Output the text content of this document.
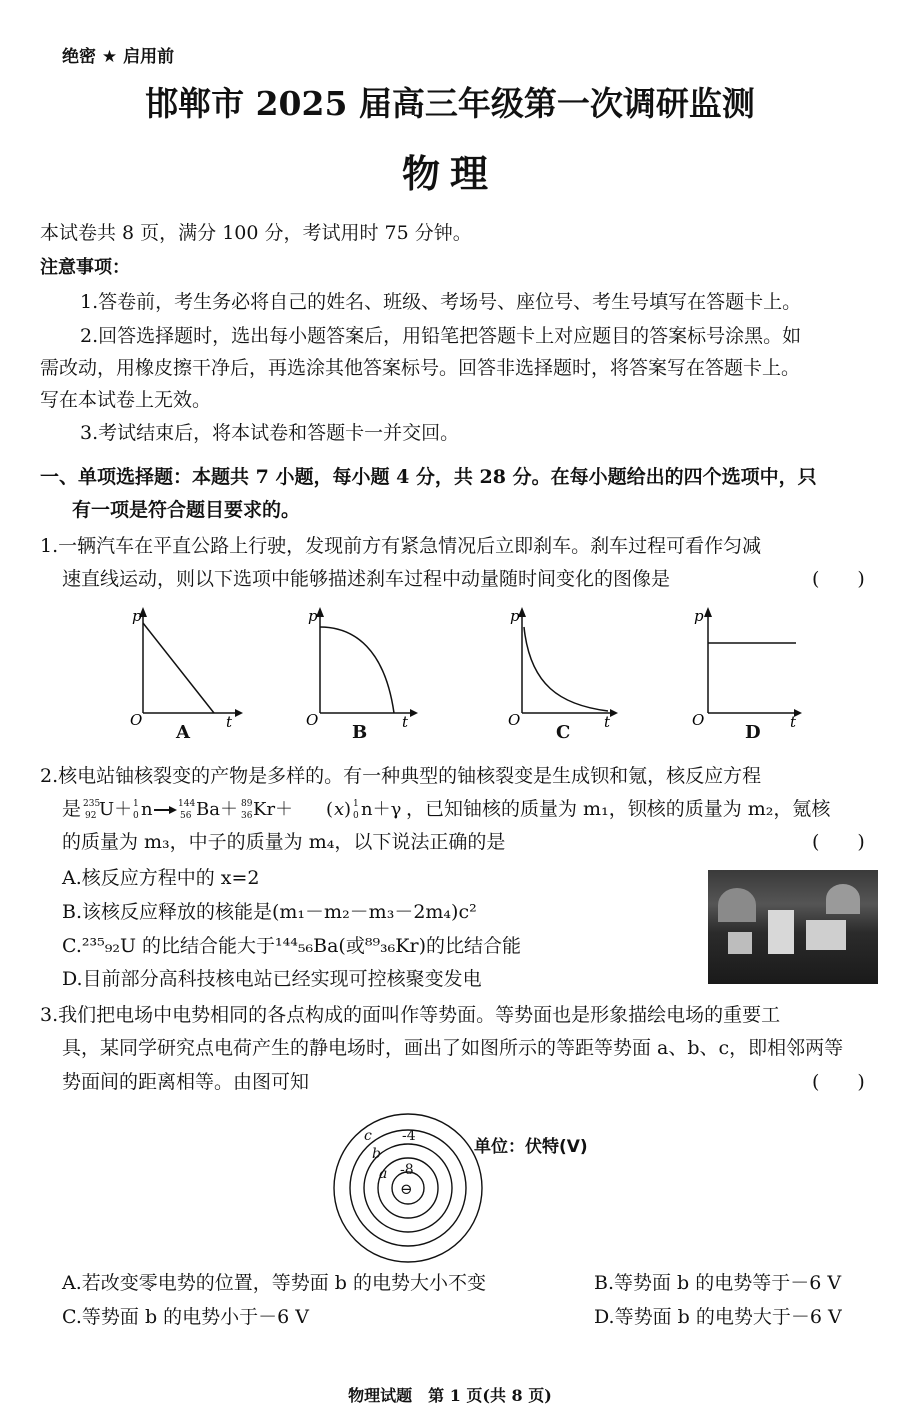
绝密 ★ 启用前
邯郸市 2025 届高三年级第一次调研监测
物理
本试卷共 8 页，满分 100 分，考试用时 75 分钟。
注意事项：
1.答卷前，考生务必将自己的姓名、班级、考场号、座位号、考生号填写在答题卡上。
2.回答选择题时，选出每小题答案后，用铅笔把答题卡上对应题目的答案标号涂黑。如
需改动，用橡皮擦干净后，再选涂其他答案标号。回答非选择题时，将答案写在答题卡上。
写在本试卷上无效。
3.考试结束后，将本试卷和答题卡一并交回。
一、单项选择题：本题共 7 小题，每小题 4 分，共 28 分。在每小题给出的四个选项中，只
有一项是符合题目要求的。
1.一辆汽车在平直公路上行驶，发现前方有紧急情况后立即刹车。刹车过程可看作匀减
速直线运动，则以下选项中能够描述刹车过程中动量随时间变化的图像是	(　　)
p
t
O
p
t
O
p
t
O
p
t
O
A	B	C	D
2.核电站铀核裂变的产物是多样的。有一种典型的铀核裂变是生成钡和氪，核反应方程
是 235
92 U＋ 1
0 n	144
56 Ba＋ 89
36 Kr＋ ( x ) 1
0 n＋γ ，已知铀核的质量为 m₁，钡核的质量为 m₂，氪核
的质量为 m₃，中子的质量为 m₄，以下说法正确的是	(　　)
A.核反应方程中的 x=2
B.该核反应释放的核能是(m₁－m₂－m₃－2m₄)c²
C.²³⁵₉₂U 的比结合能大于¹⁴⁴₅₆Ba(或⁸⁹₃₆Kr)的比结合能
D.目前部分高科技核电站已经实现可控核聚变发电
3.我们把电场中电势相同的各点构成的面叫作等势面。等势面也是形象描绘电场的重要工
具，某同学研究点电荷产生的静电场时，画出了如图所示的等距等势面 a、b、c，即相邻两等
势面间的距离相等。由图可知	(　　)
c
b
a
-4
-8
⊖
单位：伏特(V)
A.若改变零电势的位置，等势面 b 的电势大小不变	B.等势面 b 的电势等于－6 V
C.等势面 b 的电势小于－6 V	D.等势面 b 的电势大于－6 V
物理试题　第 1 页(共 8 页)
